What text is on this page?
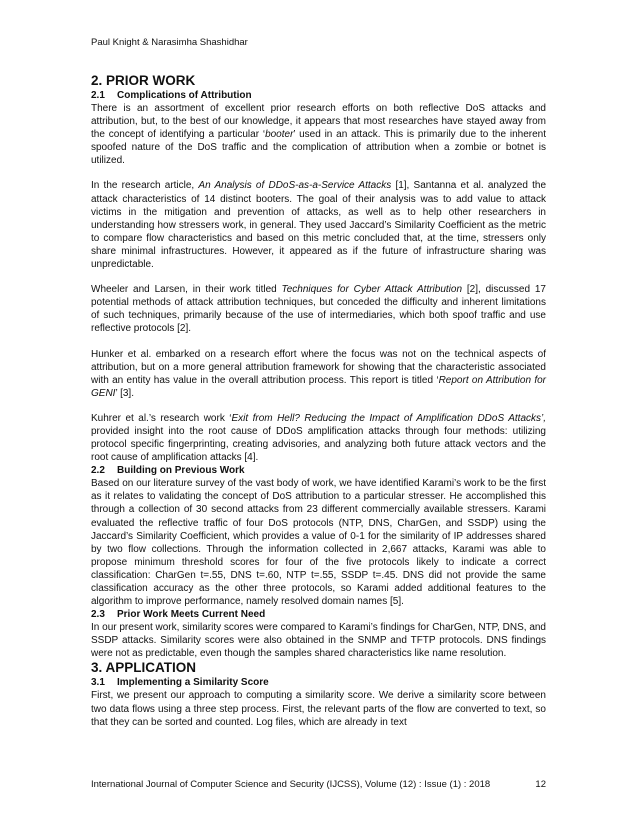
Paul Knight & Narasimha Shashidhar
2. PRIOR WORK
2.1 Complications of Attribution

There is an assortment of excellent prior research efforts on both reflective DoS attacks and attribution, but, to the best of our knowledge, it appears that most researches have stayed away from the concept of identifying a particular ‘booter’ used in an attack. This is primarily due to the inherent spoofed nature of the DoS traffic and the complication of attribution when a zombie or botnet is utilized.

In the research article, An Analysis of DDoS-as-a-Service Attacks [1], Santanna et al. analyzed the attack characteristics of 14 distinct booters. The goal of their analysis was to add value to attack victims in the mitigation and prevention of attacks, as well as to help other researchers in understanding how stressers work, in general. They used Jaccard’s Similarity Coefficient as the metric to compare flow characteristics and based on this metric concluded that, at the time, stressers only share minimal infrastructures. However, it appeared as if the future of infrastructure sharing was unpredictable.

Wheeler and Larsen, in their work titled Techniques for Cyber Attack Attribution [2], discussed 17 potential methods of attack attribution techniques, but conceded the difficulty and inherent limitations of such techniques, primarily because of the use of intermediaries, which both spoof traffic and use reflective protocols [2].

Hunker et al. embarked on a research effort where the focus was not on the technical aspects of attribution, but on a more general attribution framework for showing that the characteristic associated with an entity has value in the overall attribution process. This report is titled ‘Report on Attribution for GENI’ [3].

Kuhrer et al.’s research work ‘Exit from Hell? Reducing the Impact of Amplification DDoS Attacks’, provided insight into the root cause of DDoS amplification attacks through four methods: utilizing protocol specific fingerprinting, creating advisories, and analyzing both future attack vectors and the root cause of amplification attacks [4].

2.2 Building on Previous Work

Based on our literature survey of the vast body of work, we have identified Karami’s work to be the first as it relates to validating the concept of DoS attribution to a particular stresser. He accomplished this through a collection of 30 second attacks from 23 different commercially available stressers. Karami evaluated the reflective traffic of four DoS protocols (NTP, DNS, CharGen, and SSDP) using the Jaccard’s Similarity Coefficient, which provides a value of 0-1 for the similarity of IP addresses shared by two flow collections. Through the information collected in 2,667 attacks, Karami was able to propose minimum threshold scores for four of the five protocols likely to indicate a correct classification: CharGen t=.55, DNS t=.60, NTP t=.55, SSDP t=.45. DNS did not provide the same classification accuracy as the other three protocols, so Karami added additional features to the algorithm to improve performance, namely resolved domain names [5].

2.3 Prior Work Meets Current Need

In our present work, similarity scores were compared to Karami’s findings for CharGen, NTP, DNS, and SSDP attacks. Similarity scores were also obtained in the SNMP and TFTP protocols. DNS findings were not as predictable, even though the samples shared characteristics like name resolution.

3. APPLICATION
3.1 Implementing a Similarity Score

First, we present our approach to computing a similarity score. We derive a similarity score between two data flows using a three step process. First, the relevant parts of the flow are converted to text, so that they can be sorted and counted. Log files, which are already in text

International Journal of Computer Science and Security (IJCSS), Volume (12) : Issue (1) : 2018	12
